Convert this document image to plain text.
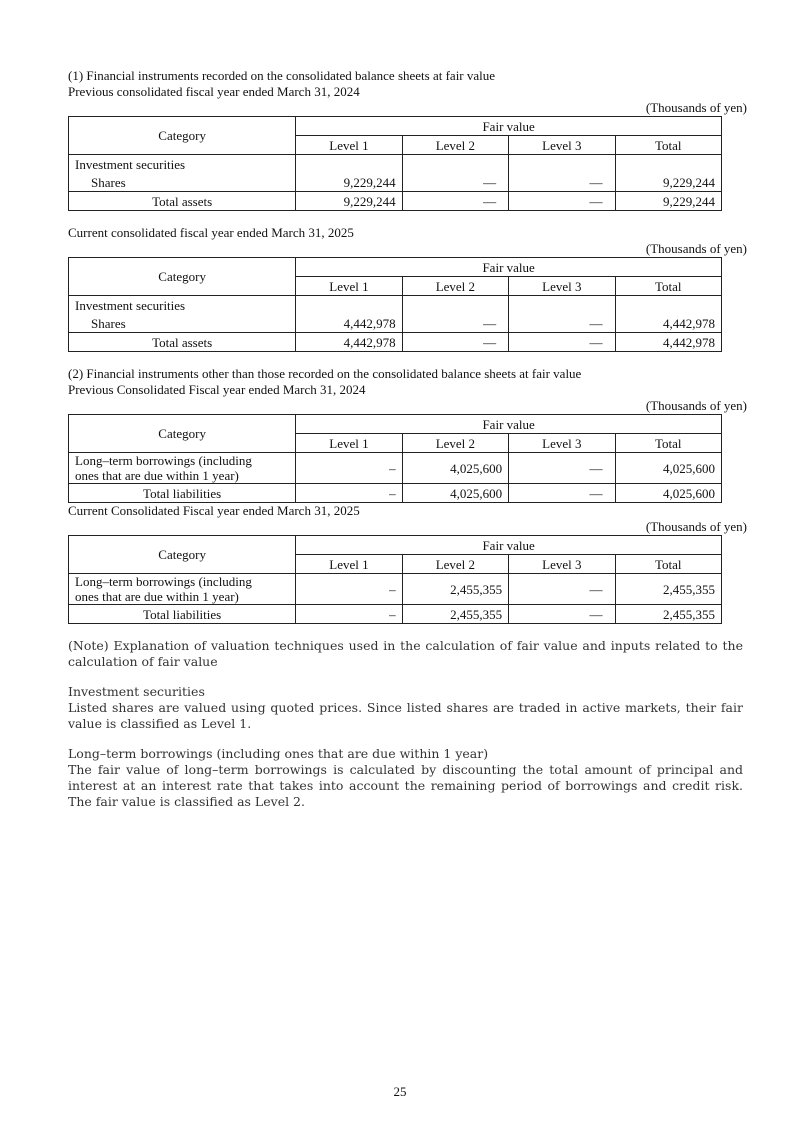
(1) Financial instruments recorded on the consolidated balance sheets at fair value

Previous consolidated fiscal year ended March 31, 2024

(Thousands of yen)

Category	Fair value			
	Level 1	Level 2	Level 3	Total
Investment securities				
Shares	9,229,244	—	—	9,229,244
Total assets	9,229,244	—	—	9,229,244

Current consolidated fiscal year ended March 31, 2025

(Thousands of yen)

Category	Fair value			
	Level 1	Level 2	Level 3	Total
Investment securities				
Shares	4,442,978	—	—	4,442,978
Total assets	4,442,978	—	—	4,442,978

(2) Financial instruments other than those recorded on the consolidated balance sheets at fair value

Previous Consolidated Fiscal year ended March 31, 2024

(Thousands of yen)

Category	Fair value			
	Level 1	Level 2	Level 3	Total

Long–term borrowings (including
ones that are due within 1 year)	–	4,025,600	—	4,025,600
Total liabilities	–	4,025,600	—	4,025,600

Current Consolidated Fiscal year ended March 31, 2025

(Thousands of yen)

Category	Fair value			
	Level 1	Level 2	Level 3	Total

Long–term borrowings (including
ones that are due within 1 year)	–	2,455,355	—	2,455,355
Total liabilities	–	2,455,355	—	2,455,355

(Note) Explanation of valuation techniques used in the calculation of fair value and inputs related to the calculation of fair value

Investment securities

Listed shares are valued using quoted prices. Since listed shares are traded in active markets, their fair value is classified as Level 1.

Long–term borrowings (including ones that are due within 1 year)

The fair value of long–term borrowings is calculated by discounting the total amount of principal and interest at an interest rate that takes into account the remaining period of borrowings and credit risk. The fair value is classified as Level 2.

25
